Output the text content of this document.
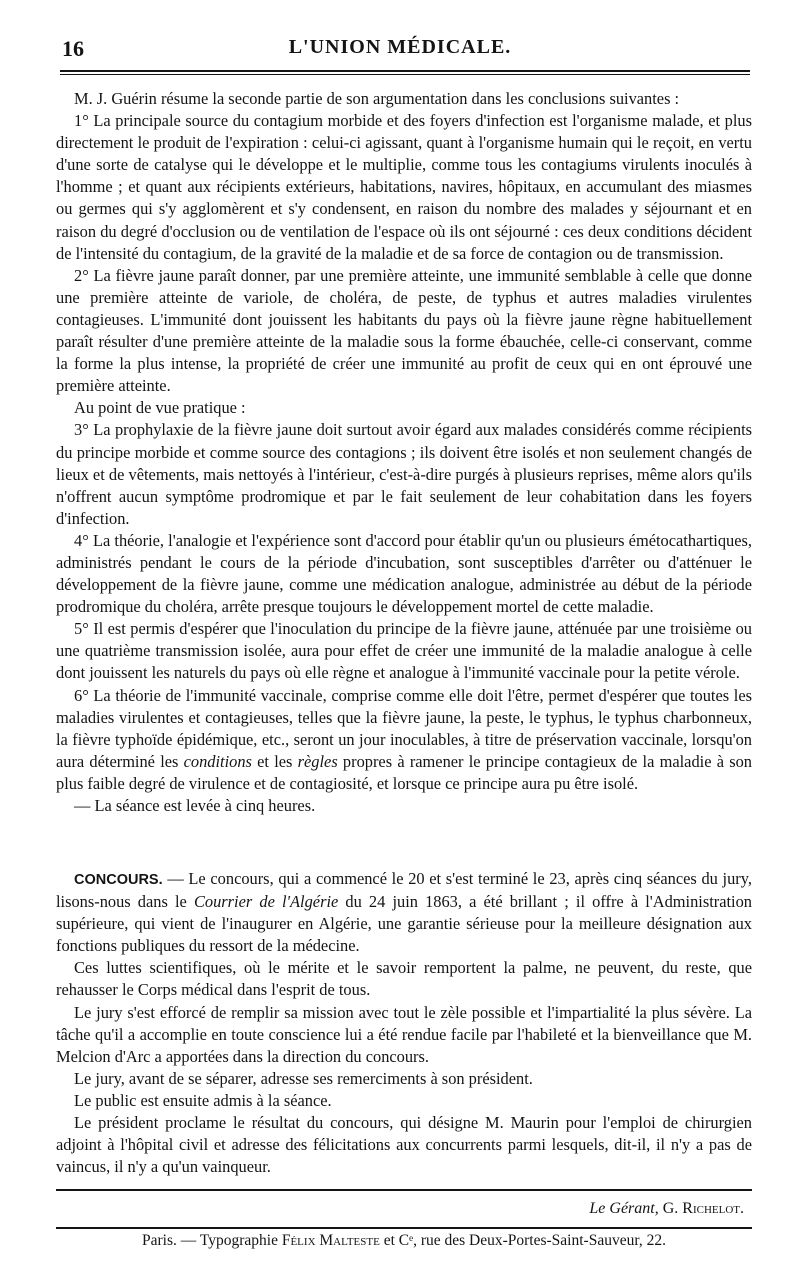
16	L'UNION MÉDICALE.

M. J. Guérin résume la seconde partie de son argumentation dans les conclusions suivantes :

1° La principale source du contagium morbide et des foyers d'infection est l'organisme malade, et plus directement le produit de l'expiration : celui-ci agissant, quant à l'organisme humain qui le reçoit, en vertu d'une sorte de catalyse qui le développe et le multiplie, comme tous les contagiums virulents inoculés à l'homme ; et quant aux récipients extérieurs, habitations, navires, hôpitaux, en accumulant des miasmes ou germes qui s'y agglomèrent et s'y condensent, en raison du nombre des malades y séjournant et en raison du degré d'occlusion ou de ventilation de l'espace où ils ont séjourné : ces deux conditions décident de l'intensité du contagium, de la gravité de la maladie et de sa force de contagion ou de transmission.

2° La fièvre jaune paraît donner, par une première atteinte, une immunité semblable à celle que donne une première atteinte de variole, de choléra, de peste, de typhus et autres maladies virulentes contagieuses. L'immunité dont jouissent les habitants du pays où la fièvre jaune règne habituellement paraît résulter d'une première atteinte de la maladie sous la forme ébauchée, celle-ci conservant, comme la forme la plus intense, la propriété de créer une immunité au profit de ceux qui en ont éprouvé une première atteinte.

Au point de vue pratique :

3° La prophylaxie de la fièvre jaune doit surtout avoir égard aux malades considérés comme récipients du principe morbide et comme source des contagions ; ils doivent être isolés et non seulement changés de lieux et de vêtements, mais nettoyés à l'intérieur, c'est-à-dire purgés à plusieurs reprises, même alors qu'ils n'offrent aucun symptôme prodromique et par le fait seulement de leur cohabitation dans les foyers d'infection.

4° La théorie, l'analogie et l'expérience sont d'accord pour établir qu'un ou plusieurs émétocathartiques, administrés pendant le cours de la période d'incubation, sont susceptibles d'arrêter ou d'atténuer le développement de la fièvre jaune, comme une médication analogue, administrée au début de la période prodromique du choléra, arrête presque toujours le développement mortel de cette maladie.

5° Il est permis d'espérer que l'inoculation du principe de la fièvre jaune, atténuée par une troisième ou une quatrième transmission isolée, aura pour effet de créer une immunité de la maladie analogue à celle dont jouissent les naturels du pays où elle règne et analogue à l'immunité vaccinale pour la petite vérole.

6° La théorie de l'immunité vaccinale, comprise comme elle doit l'être, permet d'espérer que toutes les maladies virulentes et contagieuses, telles que la fièvre jaune, la peste, le typhus, le typhus charbonneux, la fièvre typhoïde épidémique, etc., seront un jour inoculables, à titre de préservation vaccinale, lorsqu'on aura déterminé les conditions et les règles propres à ramener le principe contagieux de la maladie à son plus faible degré de virulence et de contagiosité, et lorsque ce principe aura pu être isolé.

— La séance est levée à cinq heures.

CONCOURS. — Le concours, qui a commencé le 20 et s'est terminé le 23, après cinq séances du jury, lisons-nous dans le Courrier de l'Algérie du 24 juin 1863, a été brillant ; il offre à l'Administration supérieure, qui vient de l'inaugurer en Algérie, une garantie sérieuse pour la meilleure désignation aux fonctions publiques du ressort de la médecine.

Ces luttes scientifiques, où le mérite et le savoir remportent la palme, ne peuvent, du reste, que rehausser le Corps médical dans l'esprit de tous.

Le jury s'est efforcé de remplir sa mission avec tout le zèle possible et l'impartialité la plus sévère. La tâche qu'il a accomplie en toute conscience lui a été rendue facile par l'habileté et la bienveillance que M. Melcion d'Arc a apportées dans la direction du concours.

Le jury, avant de se séparer, adresse ses remerciments à son président.

Le public est ensuite admis à la séance.

Le président proclame le résultat du concours, qui désigne M. Maurin pour l'emploi de chirurgien adjoint à l'hôpital civil et adresse des félicitations aux concurrents parmi lesquels, dit-il, il n'y a pas de vaincus, il n'y a qu'un vainqueur.

Le Gérant, G. Richelot.
Paris. — Typographie Félix Malteste et Cᵉ, rue des Deux-Portes-Saint-Sauveur, 22.
